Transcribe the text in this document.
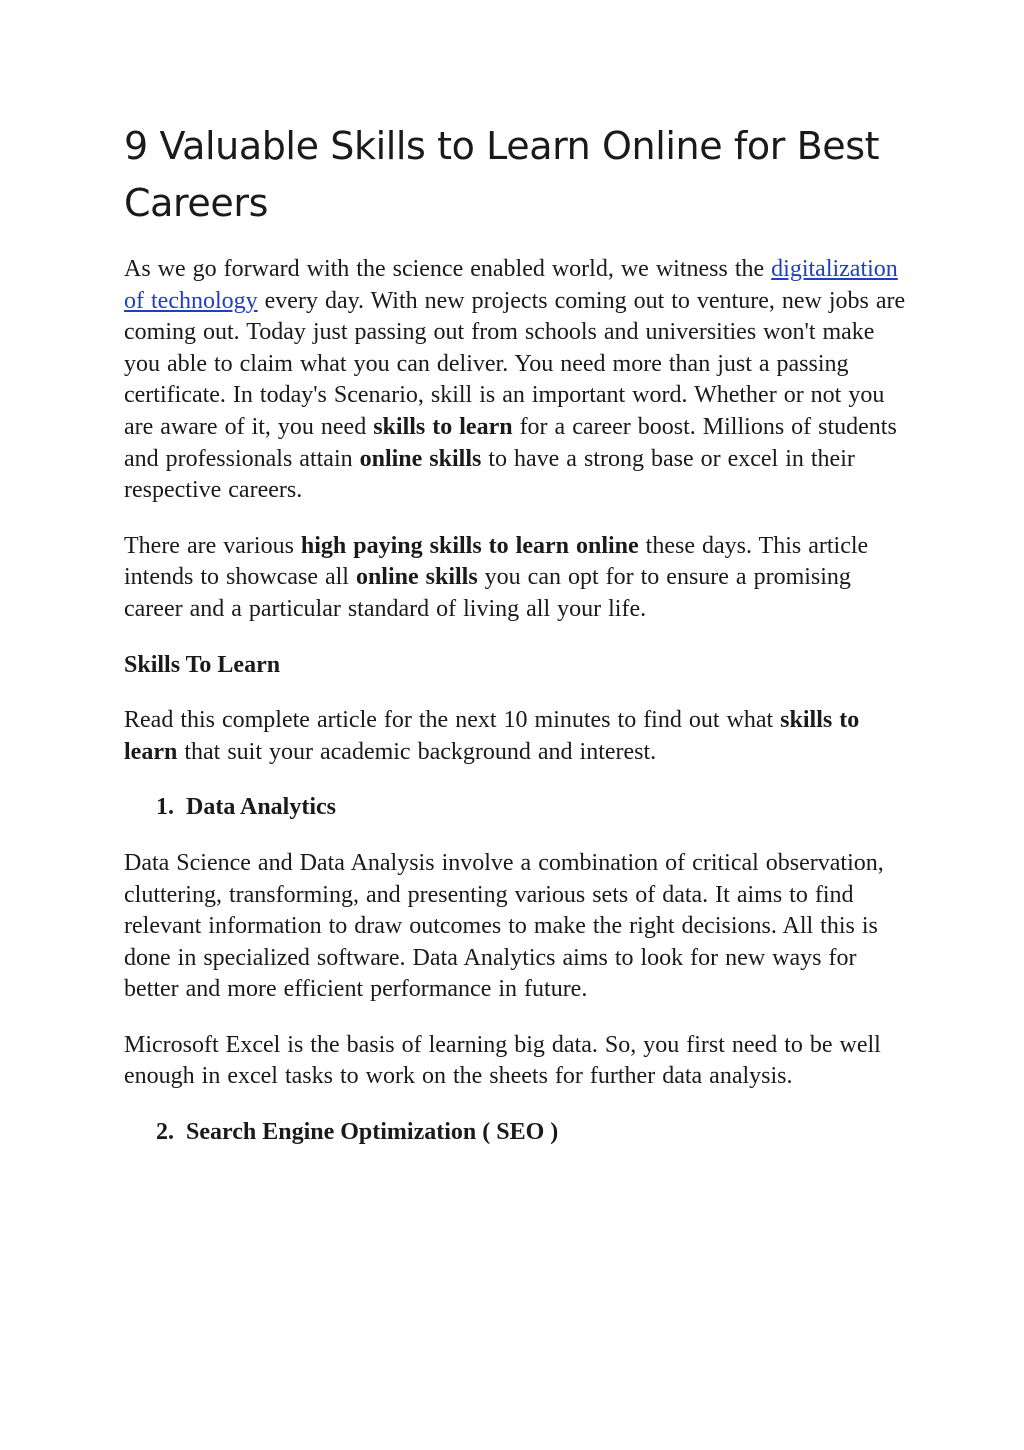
9 Valuable Skills to Learn Online for Best Careers

As we go forward with the science enabled world, we witness the digitalization of technology every day. With new projects coming out to venture, new jobs are coming out. Today just passing out from schools and universities won't make you able to claim what you can deliver. You need more than just a passing certificate. In today's Scenario, skill is an important word. Whether or not you are aware of it, you need skills to learn for a career boost. Millions of students and professionals attain online skills to have a strong base or excel in their respective careers.

There are various high paying skills to learn online these days. This article intends to showcase all online skills you can opt for to ensure a promising career and a particular standard of living all your life.

Skills To Learn

Read this complete article for the next 10 minutes to find out what skills to learn that suit your academic background and interest.

1. Data Analytics

Data Science and Data Analysis involve a combination of critical observation, cluttering, transforming, and presenting various sets of data. It aims to find relevant information to draw outcomes to make the right decisions. All this is done in specialized software. Data Analytics aims to look for new ways for better and more efficient performance in future.

Microsoft Excel is the basis of learning big data. So, you first need to be well enough in excel tasks to work on the sheets for further data analysis.

2. Search Engine Optimization ( SEO )
